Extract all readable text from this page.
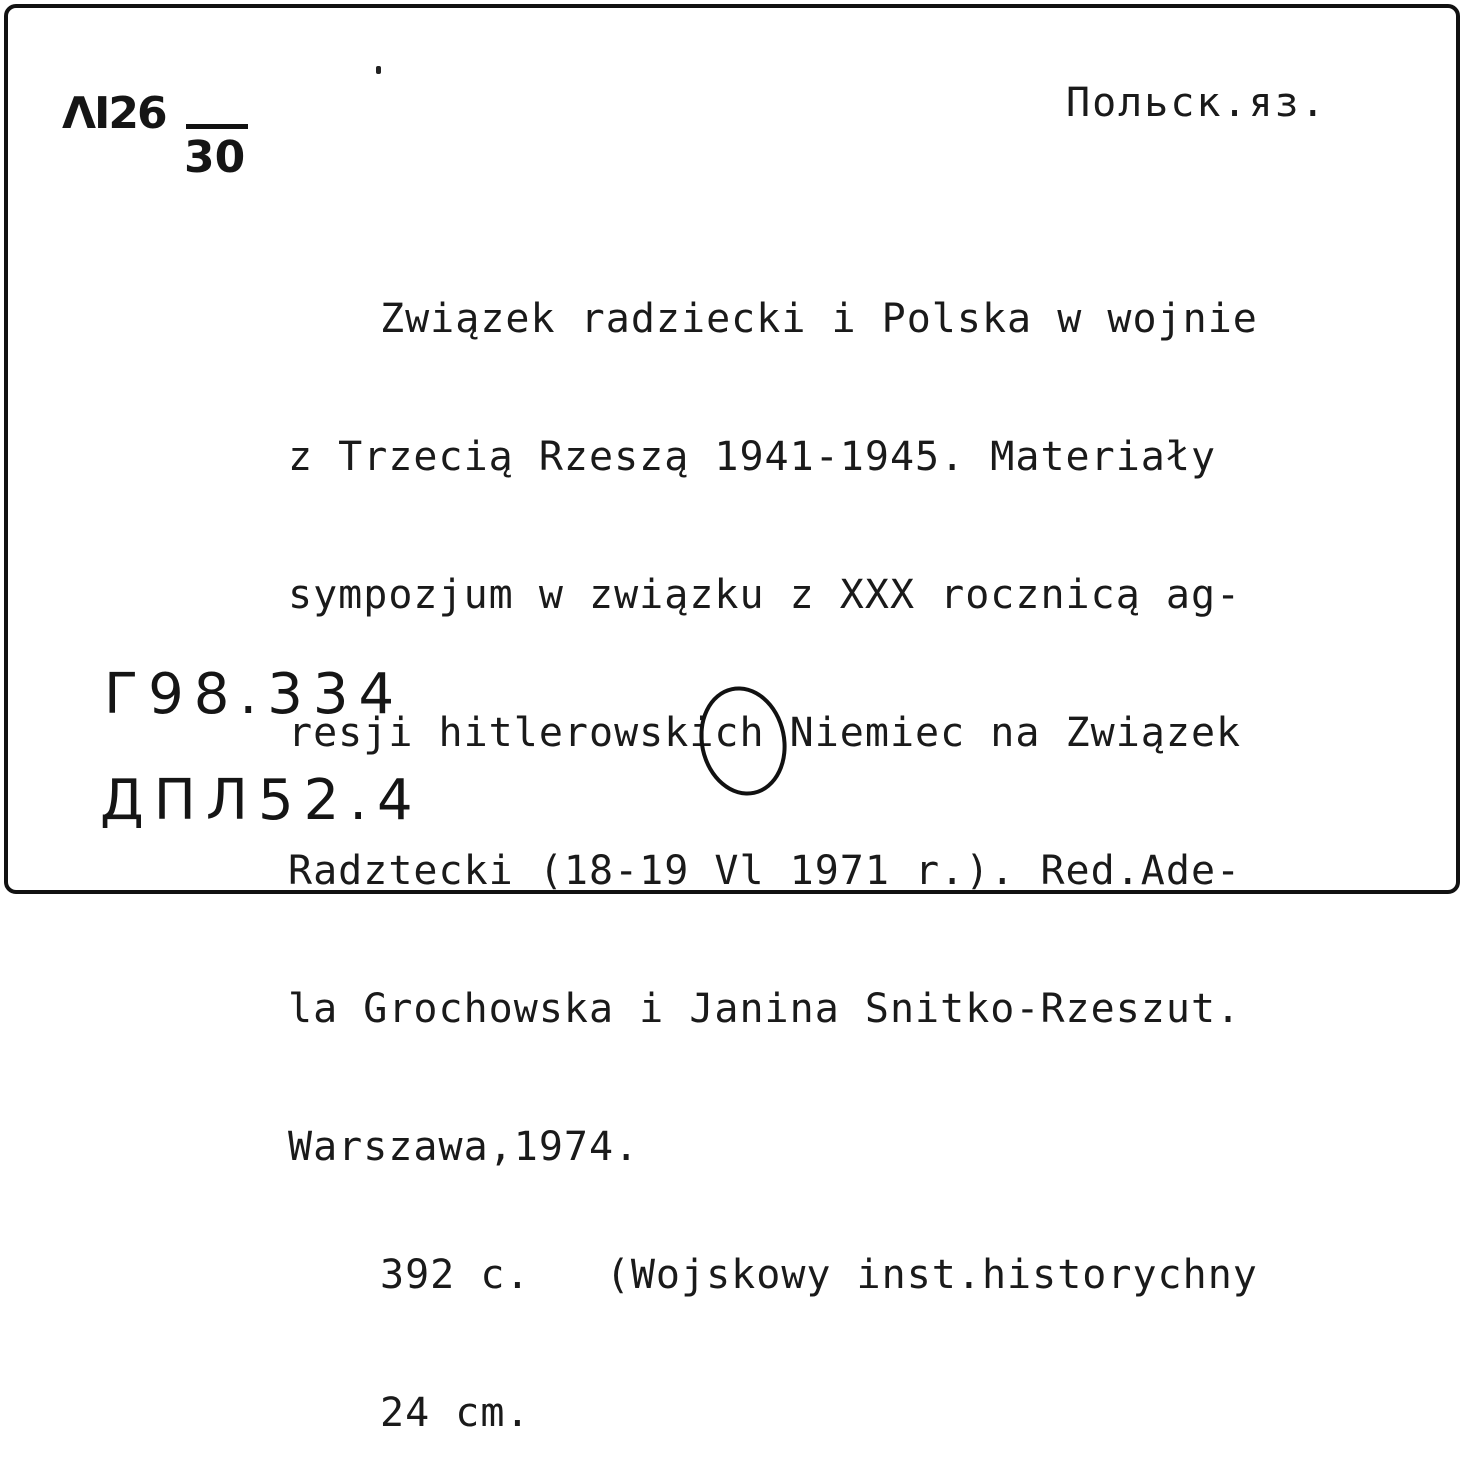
ΛI26
30
Польск.яз.

Związek radziecki i Polska w wojnie

z Trzecią Rzeszą 1941-1945. Materiały

sympozjum w związku z XXX rocznicą ag-

resji hitlerowskich Niemiec na Związek

Radztecki (18-19 Vl 1971 r.). Red.Ade-

la Grochowska i Janina Snitko-Rzeszut.

Warszawa,1974.

392 c.   (Wojskowy inst.historychny

24 cm.

Г98.334
ДПЛ52.4
